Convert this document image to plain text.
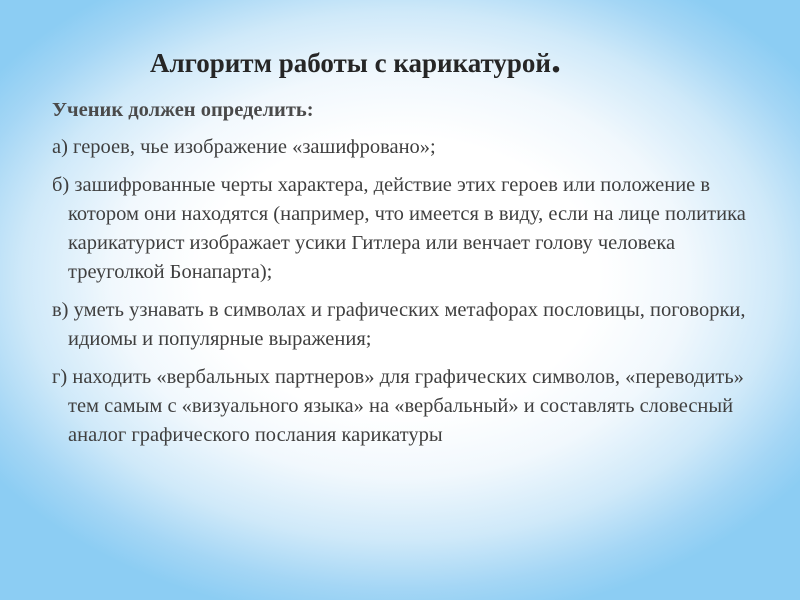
Алгоритм работы с карикатурой.
Ученик должен определить:
а) героев, чье изображение «зашифровано»;
б) зашифрованные черты характера, действие этих героев или положение в котором они находятся (например, что имеется в виду, если на лице политика карикатурист изображает усики Гитлера или венчает голову человека треуголкой Бонапарта);
в) уметь узнавать в символах и графических метафорах пословицы, поговорки, идиомы и популярные выражения;
г) находить «вербальных партнеров» для графических символов, «переводить» тем самым с «визуального языка» на «вербальный» и составлять словесный аналог графического послания карикатуры
